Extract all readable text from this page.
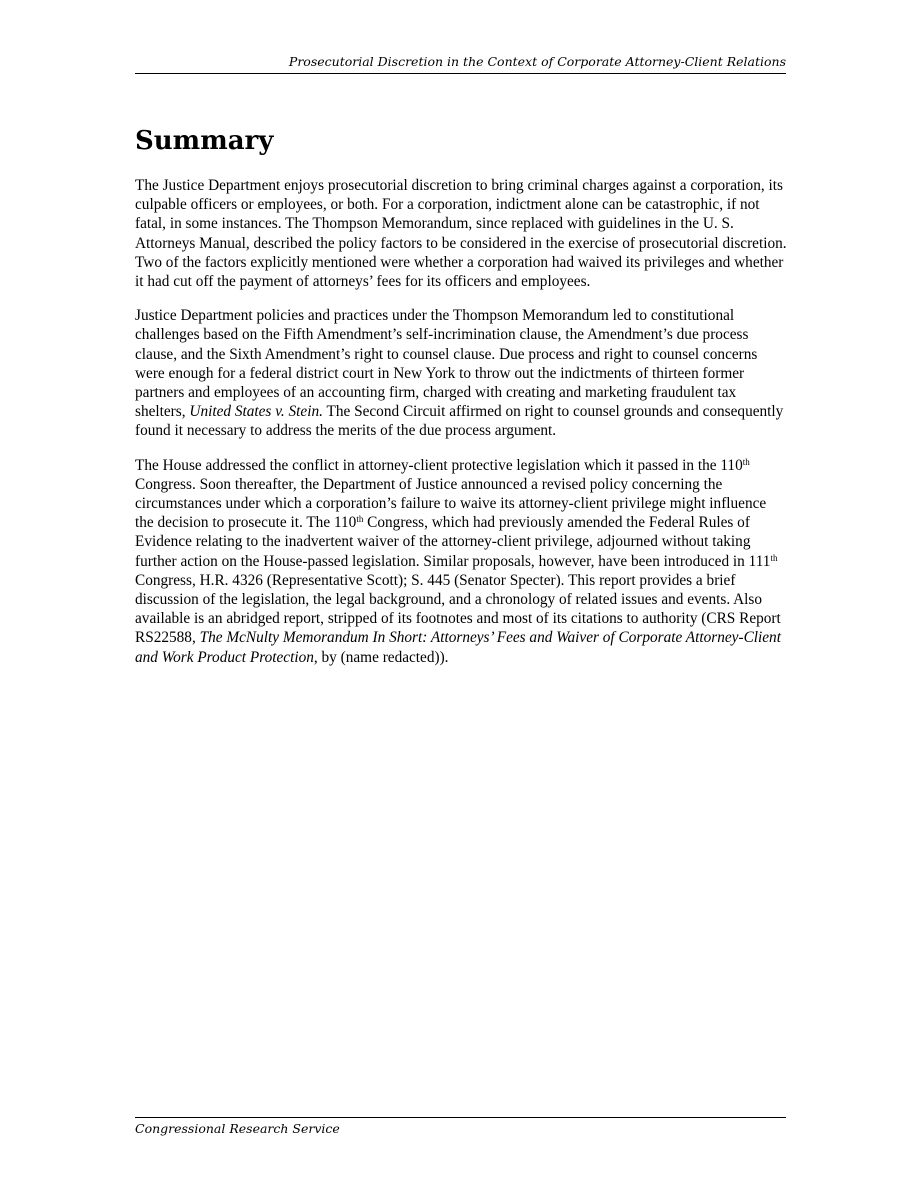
Prosecutorial Discretion in the Context of Corporate Attorney-Client Relations
Summary

The Justice Department enjoys prosecutorial discretion to bring criminal charges against a corporation, its culpable officers or employees, or both. For a corporation, indictment alone can be catastrophic, if not fatal, in some instances. The Thompson Memorandum, since replaced with guidelines in the U. S. Attorneys Manual, described the policy factors to be considered in the exercise of prosecutorial discretion. Two of the factors explicitly mentioned were whether a corporation had waived its privileges and whether it had cut off the payment of attorneys’ fees for its officers and employees.

Justice Department policies and practices under the Thompson Memorandum led to constitutional challenges based on the Fifth Amendment’s self-incrimination clause, the Amendment’s due process clause, and the Sixth Amendment’s right to counsel clause. Due process and right to counsel concerns were enough for a federal district court in New York to throw out the indictments of thirteen former partners and employees of an accounting firm, charged with creating and marketing fraudulent tax shelters, United States v. Stein. The Second Circuit affirmed on right to counsel grounds and consequently found it necessary to address the merits of the due process argument.

The House addressed the conflict in attorney-client protective legislation which it passed in the 110th Congress. Soon thereafter, the Department of Justice announced a revised policy concerning the circumstances under which a corporation’s failure to waive its attorney-client privilege might influence the decision to prosecute it. The 110th Congress, which had previously amended the Federal Rules of Evidence relating to the inadvertent waiver of the attorney-client privilege, adjourned without taking further action on the House-passed legislation. Similar proposals, however, have been introduced in 111th Congress, H.R. 4326 (Representative Scott); S. 445 (Senator Specter). This report provides a brief discussion of the legislation, the legal background, and a chronology of related issues and events. Also available is an abridged report, stripped of its footnotes and most of its citations to authority (CRS Report RS22588, The McNulty Memorandum In Short: Attorneys’ Fees and Waiver of Corporate Attorney-Client and Work Product Protection, by (name redacted)).

Congressional Research Service
